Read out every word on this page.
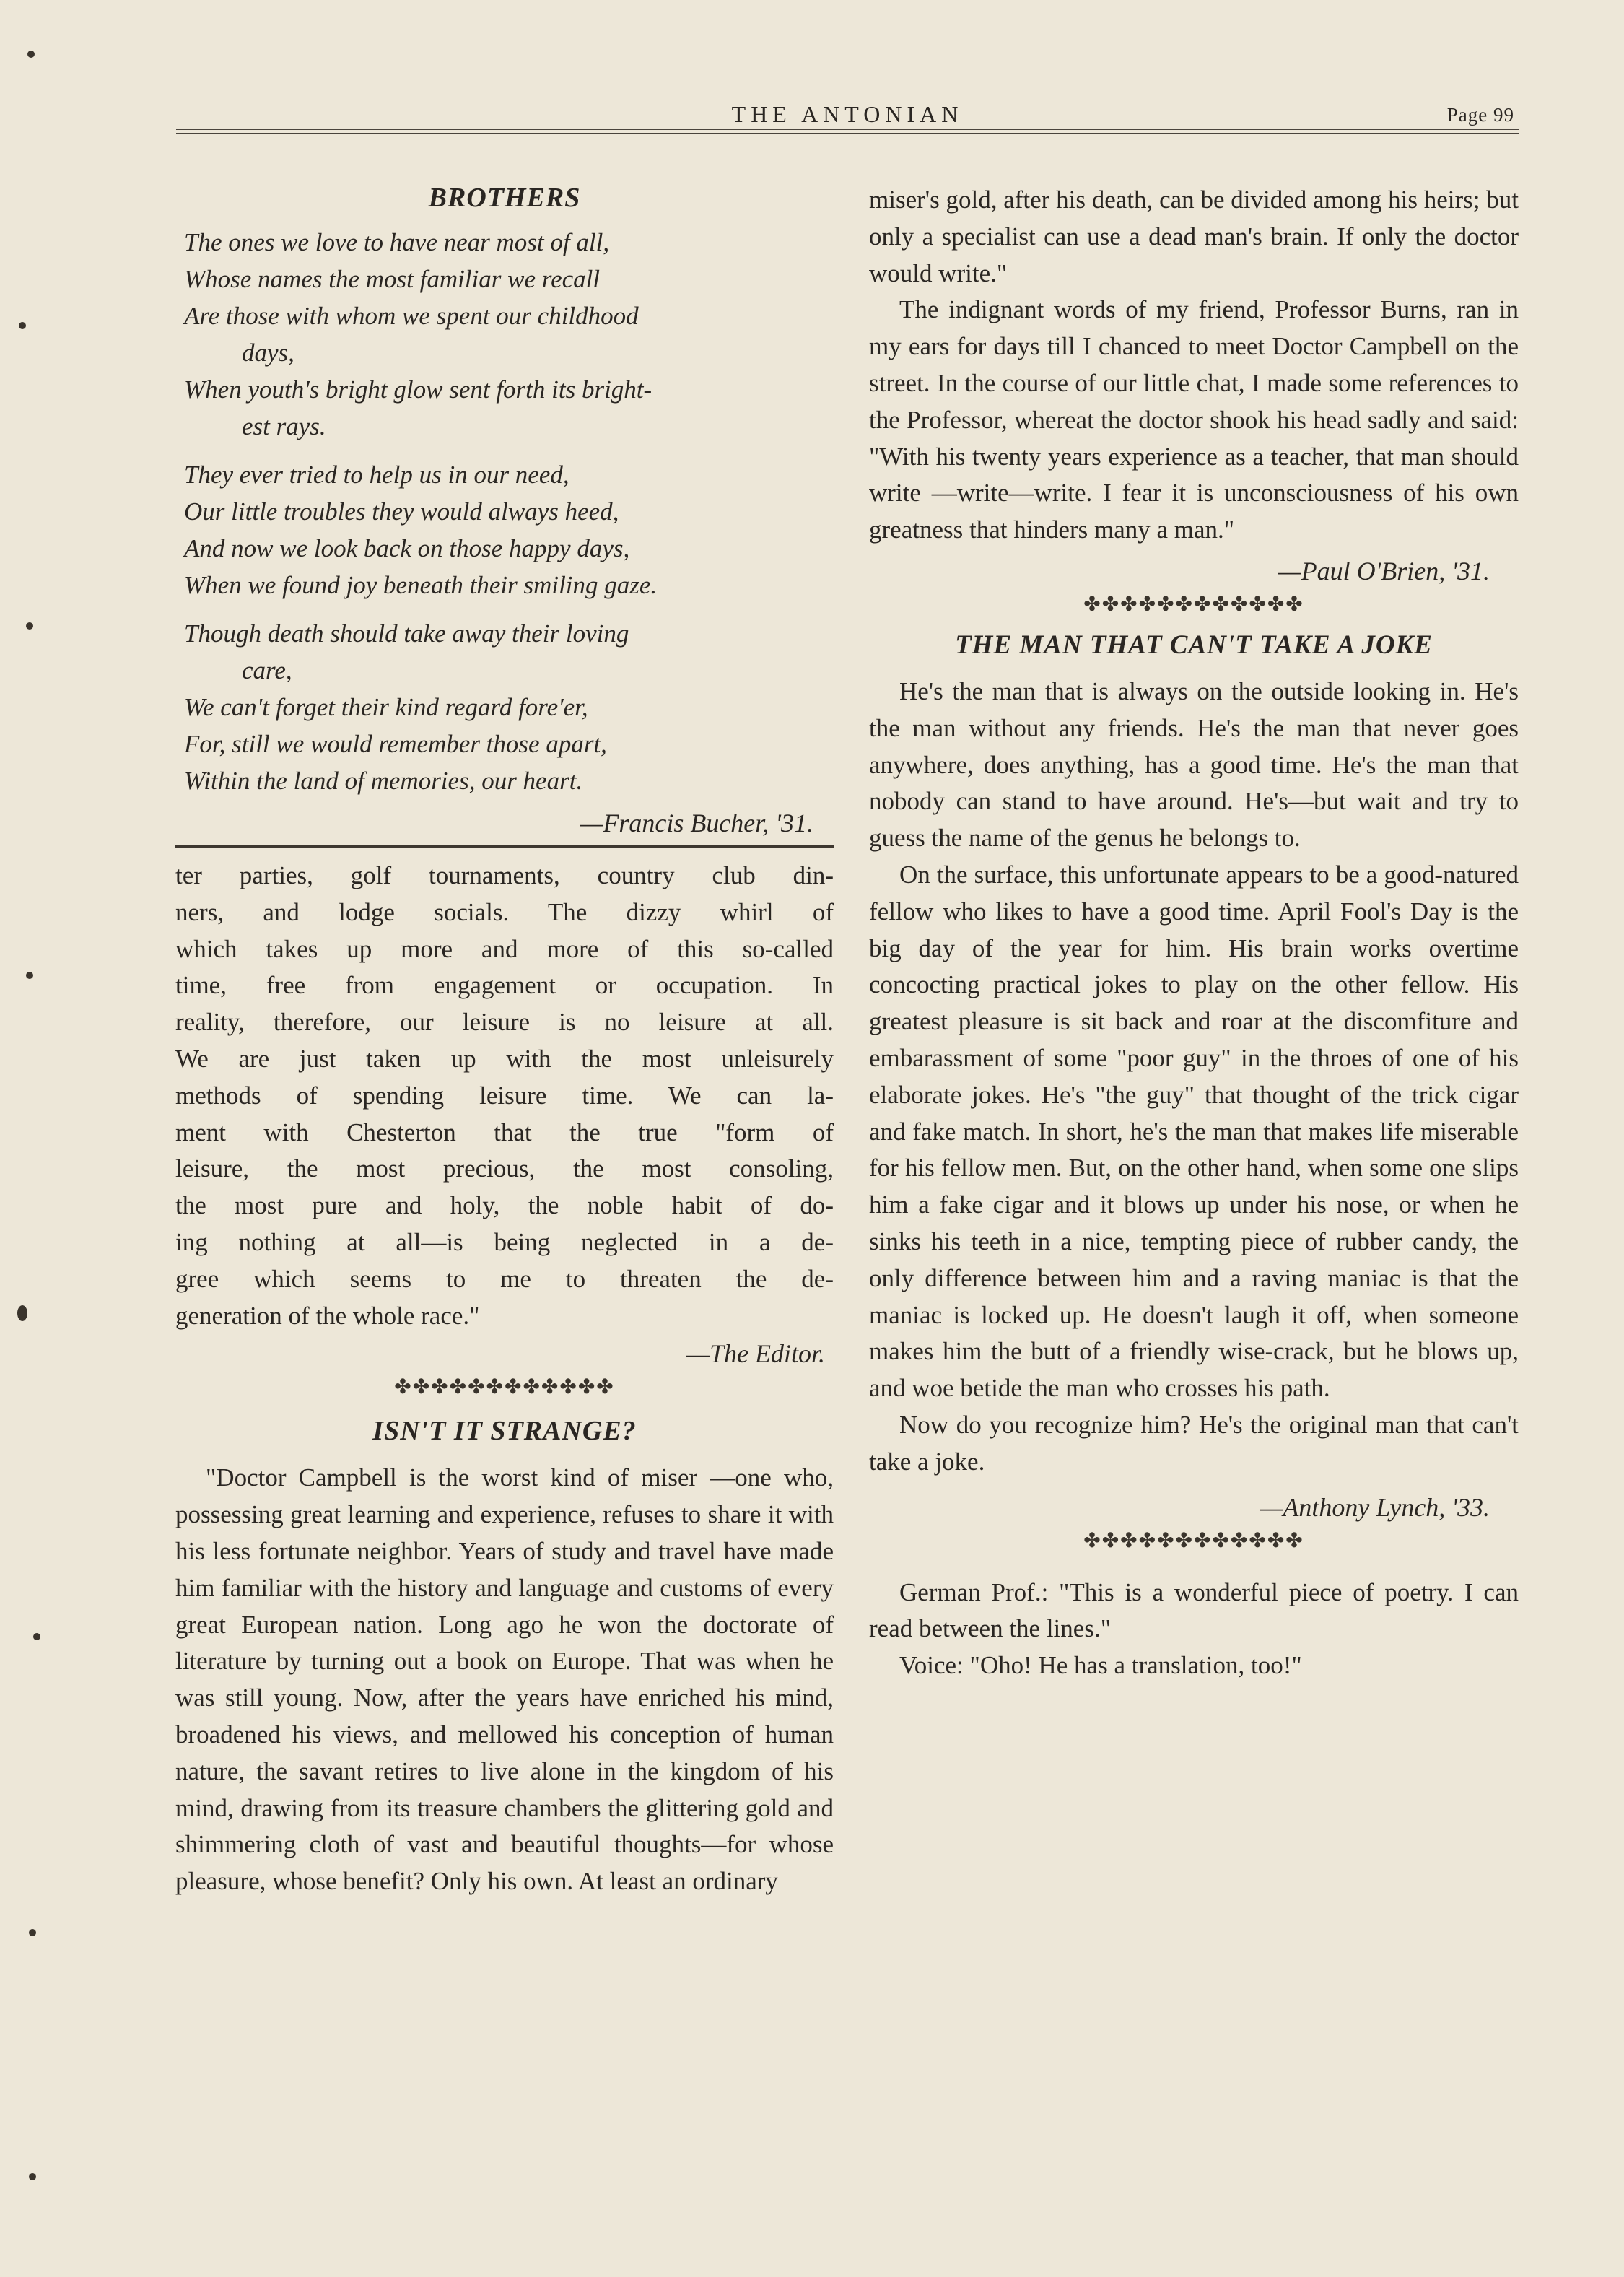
THE ANTONIAN	Page 99
BROTHERS

The ones we love to have near most of all,

Whose names the most familiar we recall

Are those with whom we spent our childhood

days,

When youth's bright glow sent forth its bright-

est rays.

They ever tried to help us in our need,

Our little troubles they would always heed,

And now we look back on those happy days,

When we found joy beneath their smiling gaze.

Though death should take away their loving

care,

We can't forget their kind regard fore'er,

For, still we would remember those apart,

Within the land of memories, our heart.

—Francis Bucher, '31.

ter parties, golf tournaments, country club din-

ners, and lodge socials. The dizzy whirl of

which takes up more and more of this so-called

time, free from engagement or occupation. In

reality, therefore, our leisure is no leisure at all.

We are just taken up with the most unleisurely

methods of spending leisure time. We can la-

ment with Chesterton that the true "form of

leisure, the most precious, the most consoling,

the most pure and holy, the noble habit of do-

ing nothing at all—is being neglected in a de-

gree which seems to me to threaten the de-

generation of the whole race."

—The Editor.

✤✤✤✤✤✤✤✤✤✤✤✤

ISN'T IT STRANGE?

"Doctor Campbell is the worst kind of miser —one who, possessing great learning and experience, refuses to share it with his less fortunate neighbor. Years of study and travel have made him familiar with the history and language and customs of every great European nation. Long ago he won the doctorate of literature by turning out a book on Europe. That was when he was still young. Now, after the years have enriched his mind, broadened his views, and mellowed his conception of human nature, the savant retires to live alone in the kingdom of his mind, drawing from its treasure chambers the glittering gold and shimmering cloth of vast and beautiful thoughts—for whose pleasure, whose benefit? Only his own. At least an ordinary

miser's gold, after his death, can be divided among his heirs; but only a specialist can use a dead man's brain. If only the doctor would write."

The indignant words of my friend, Professor Burns, ran in my ears for days till I chanced to meet Doctor Campbell on the street. In the course of our little chat, I made some references to the Professor, whereat the doctor shook his head sadly and said: "With his twenty years experience as a teacher, that man should write —write—write. I fear it is unconsciousness of his own greatness that hinders many a man."

—Paul O'Brien, '31.

✤✤✤✤✤✤✤✤✤✤✤✤

THE MAN THAT CAN'T TAKE A JOKE

He's the man that is always on the outside looking in. He's the man without any friends. He's the man that never goes anywhere, does anything, has a good time. He's the man that nobody can stand to have around. He's—but wait and try to guess the name of the genus he belongs to.

On the surface, this unfortunate appears to be a good-natured fellow who likes to have a good time. April Fool's Day is the big day of the year for him. His brain works overtime concocting practical jokes to play on the other fellow. His greatest pleasure is sit back and roar at the discomfiture and embarassment of some "poor guy" in the throes of one of his elaborate jokes. He's "the guy" that thought of the trick cigar and fake match. In short, he's the man that makes life miserable for his fellow men. But, on the other hand, when some one slips him a fake cigar and it blows up under his nose, or when he sinks his teeth in a nice, tempting piece of rubber candy, the only difference between him and a raving maniac is that the maniac is locked up. He doesn't laugh it off, when someone makes him the butt of a friendly wise-crack, but he blows up, and woe betide the man who crosses his path.

Now do you recognize him? He's the original man that can't take a joke.

—Anthony Lynch, '33.

✤✤✤✤✤✤✤✤✤✤✤✤

German Prof.: "This is a wonderful piece of poetry. I can read between the lines."

Voice: "Oho! He has a translation, too!"
